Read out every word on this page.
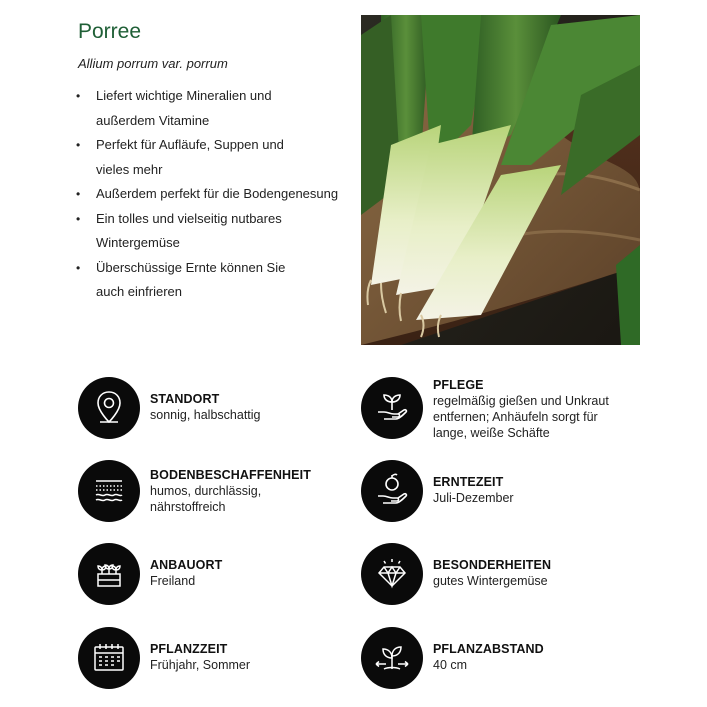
Porree

Allium porrum var. porrum

• Liefert wichtige Mineralien und
außerdem Vitamine
• Perfekt für Aufläufe, Suppen und
vieles mehr
• Außerdem perfekt für die Bodengenesung
• Ein tolles und vielseitig nutbares
Wintergemüse
• Überschüssige Ernte können Sie
auch einfrieren
STANDORT
sonnig, halbschattig
PFLEGE
regelmäßig gießen und Unkraut
entfernen; Anhäufeln sorgt für
lange, weiße Schäfte
BODENBESCHAFFENHEIT
humos, durchlässig,
nährstoffreich
ERNTEZEIT
Juli-Dezember
ANBAUORT
Freiland
BESONDERHEITEN
gutes Wintergemüse
PFLANZZEIT
Frühjahr, Sommer
PFLANZABSTAND
40 cm
